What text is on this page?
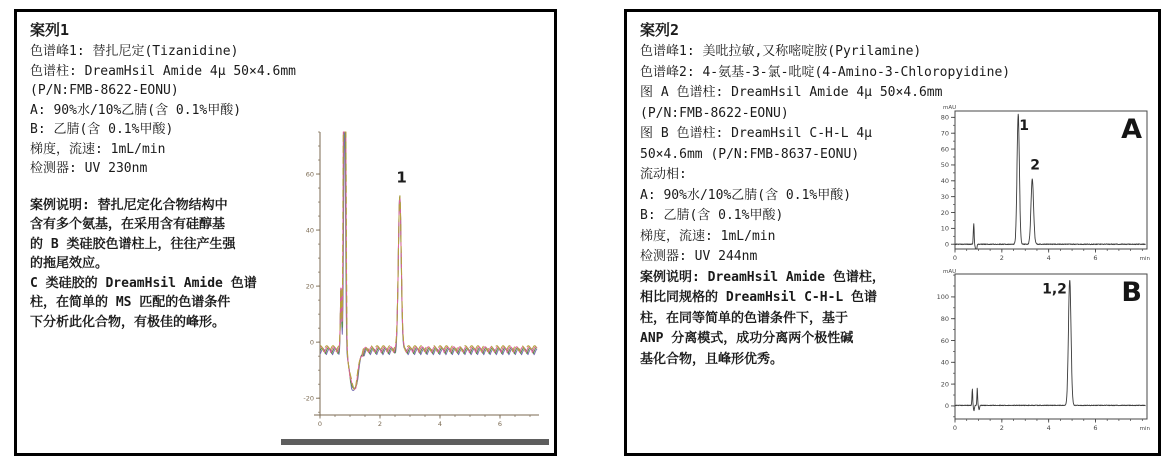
案列1
色谱峰1: 替扎尼定(Tizanidine)
色谱柱: DreamHsil Amide 4μ 50×4.6mm
(P/N:FMB-8622-EONU)
A: 90%水/10%乙腈(含 0.1%甲酸)
B: 乙腈(含 0.1%甲酸)
梯度，流速: 1mL/min
检测器: UV 230nm
案例说明: 替扎尼定化合物结构中
含有多个氨基，在采用含有硅醇基
的 B 类硅胶色谱柱上，往往产生强
的拖尾效应。
C 类硅胶的 DreamHsil Amide 色谱
柱，在简单的 MS 匹配的色谱条件
下分析此化合物，有极佳的峰形。
-20
0
20
40
60
0	2	4	6
1
案列2
色谱峰1: 美吡拉敏,又称嘧啶胺(Pyrilamine)
色谱峰2: 4-氨基-3-氯-吡啶(4-Amino-3-Chloropyidine)
图 A 色谱柱: DreamHsil Amide 4μ 50×4.6mm
(P/N:FMB-8622-EONU)
图 B 色谱柱: DreamHsil C-H-L 4μ
50×4.6mm (P/N:FMB-8637-EONU)
流动相:
A: 90%水/10%乙腈(含 0.1%甲酸)
B: 乙腈(含 0.1%甲酸)
梯度，流速: 1mL/min
检测器: UV 244nm
案例说明: DreamHsil Amide 色谱柱，
相比同规格的 DreamHsil C-H-L 色谱
柱，在同等简单的色谱条件下，基于
ANP 分离模式，成功分离两个极性碱
基化合物，且峰形优秀。
0
10
20
30
40
50
60
70
80
0	2	4	6
mAU
min
A
1
2
0
20
40
60
80
100
0	2	4	6
mAU
min
B
1,2
